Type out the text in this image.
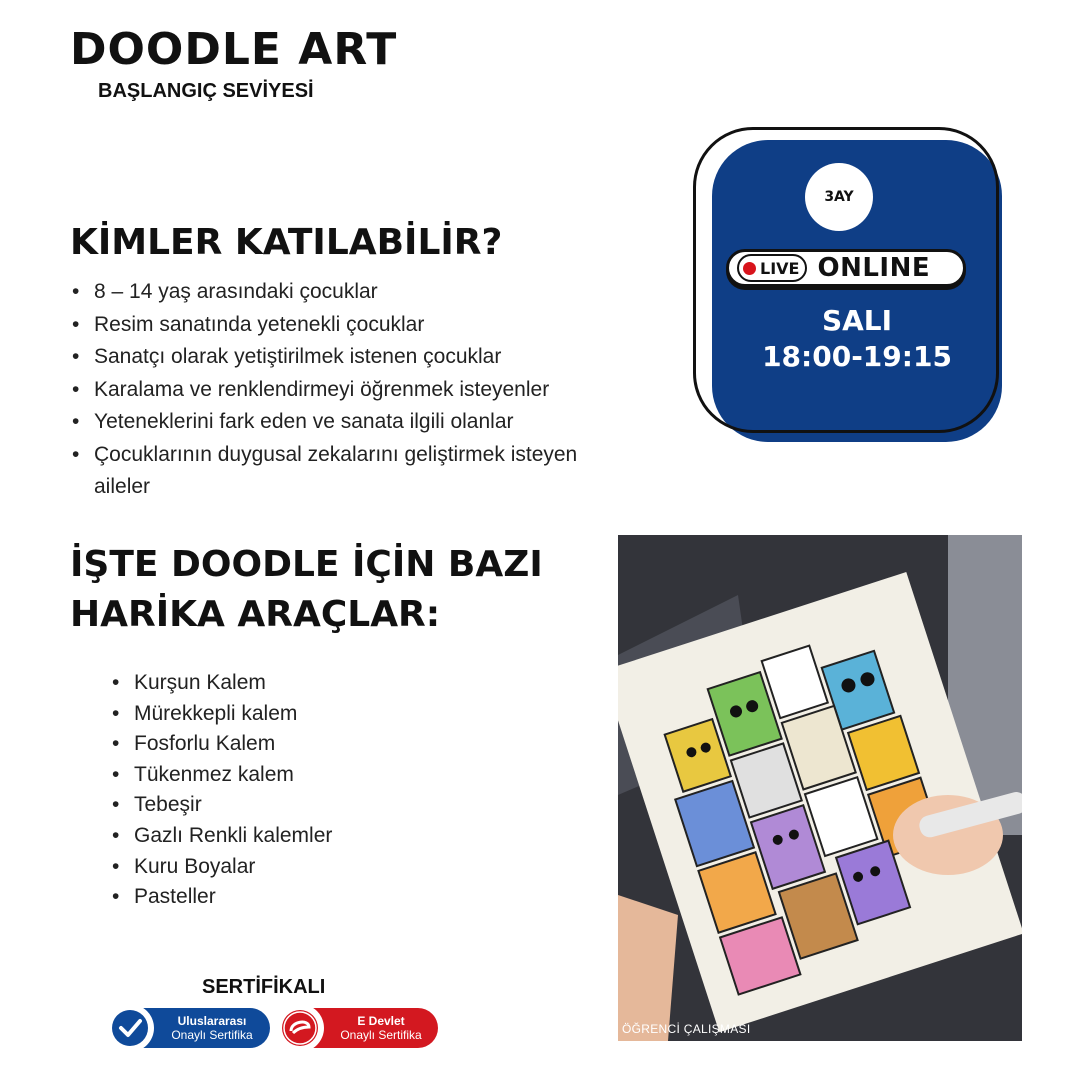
DOODLE ART
BAŞLANGIÇ SEVİYESİ
KİMLER KATILABİLİR?
• 8 – 14 yaş arasındaki çocuklar
• Resim sanatında yetenekli çocuklar
• Sanatçı olarak yetiştirilmek istenen çocuklar
• Karalama ve renklendirmeyi öğrenmek isteyenler
• Yeteneklerini fark eden ve sanata ilgili olanlar
• Çocuklarının duygusal zekalarını geliştirmek isteyen aileler
İŞTE DOODLE İÇİN BAZI HARİKA ARAÇLAR:
• Kurşun Kalem
• Mürekkepli kalem
• Fosforlu Kalem
• Tükenmez kalem
• Tebeşir
• Gazlı Renkli kalemler
• Kuru Boyalar
• Pasteller
3AY
LIVE ONLINE
SALI
18:00-19:15
ÖĞRENCİ ÇALIŞMASI
SERTİFİKALI
Uluslararası
Onaylı Sertifika
E Devlet
Onaylı Sertifika
